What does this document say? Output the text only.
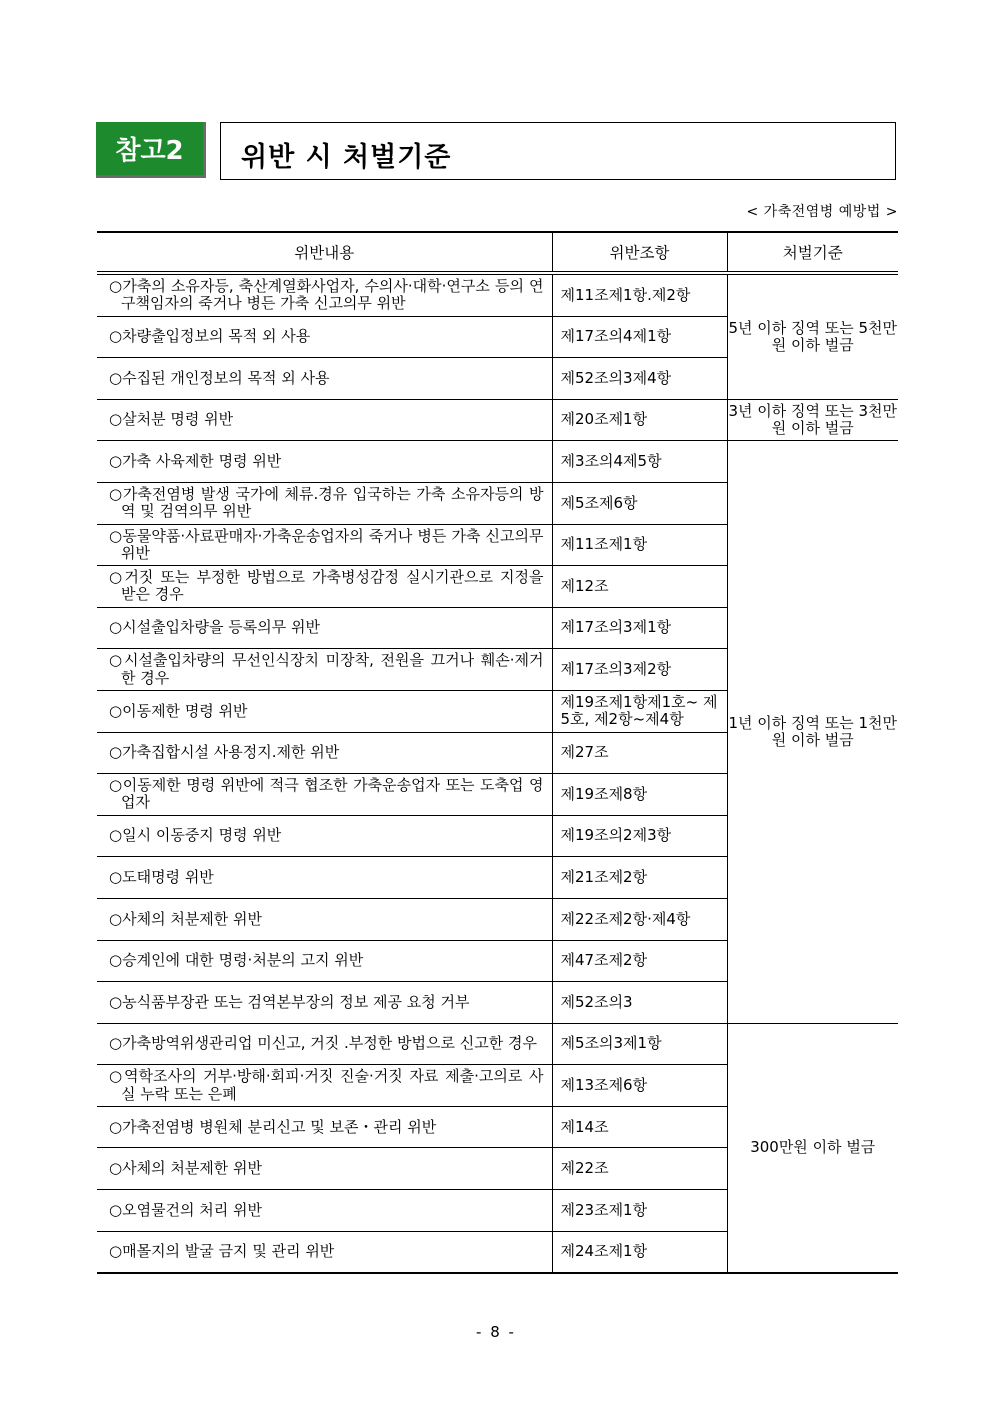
참고2	위반 시 처벌기준
< 가축전염병 예방법 >
위반내용	위반조항	처벌기준

○가축의 소유자등, 축산계열화사업자, 수의사·대학·연구소 등의 연구책임자의 죽거나 병든 가축 신고의무 위반	제11조제1항.제2항	5년 이하 징역 또는 5천만원 이하 벌금

○차량출입정보의 목적 외 사용	제17조의4제1항	

○수집된 개인정보의 목적 외 사용	제52조의3제4항	

○살처분 명령 위반	제20조제1항	3년 이하 징역 또는 3천만원 이하 벌금

○가축 사육제한 명령 위반	제3조의4제5항	1년 이하 징역 또는 1천만원 이하 벌금

○가축전염병 발생 국가에 체류.경유 입국하는 가축 소유자등의 방역 및 검역의무 위반	제5조제6항	

○동물약품·사료판매자·가축운송업자의 죽거나 병든 가축 신고의무 위반	제11조제1항	

○거짓 또는 부정한 방법으로 가축병성감정 실시기관으로 지정을 받은 경우	제12조	

○시설출입차량을 등록의무 위반	제17조의3제1항	

○시설출입차량의 무선인식장치 미장착, 전원을 끄거나 훼손·제거한 경우	제17조의3제2항	

○이동제한 명령 위반	제19조제1항제1호~ 제5호, 제2항~제4항	

○가축집합시설 사용정지.제한 위반	제27조	

○이동제한 명령 위반에 적극 협조한 가축운송업자 또는 도축업 영업자	제19조제8항	

○일시 이동중지 명령 위반	제19조의2제3항	

○도태명령 위반	제21조제2항	

○사체의 처분제한 위반	제22조제2항·제4항	

○승계인에 대한 명령·처분의 고지 위반	제47조제2항	

○농식품부장관 또는 검역본부장의 정보 제공 요청 거부	제52조의3	

○가축방역위생관리업 미신고, 거짓 .부정한 방법으로 신고한 경우	제5조의3제1항	300만원 이하 벌금

○역학조사의 거부·방해·회피·거짓 진술·거짓 자료 제출·고의로 사실 누락 또는 은폐	제13조제6항	

○가축전염병 병원체 분리신고 및 보존・관리 위반	제14조	

○사체의 처분제한 위반	제22조	

○오염물건의 처리 위반	제23조제1항	

○매몰지의 발굴 금지 및 관리 위반	제24조제1항	
- 8 -
